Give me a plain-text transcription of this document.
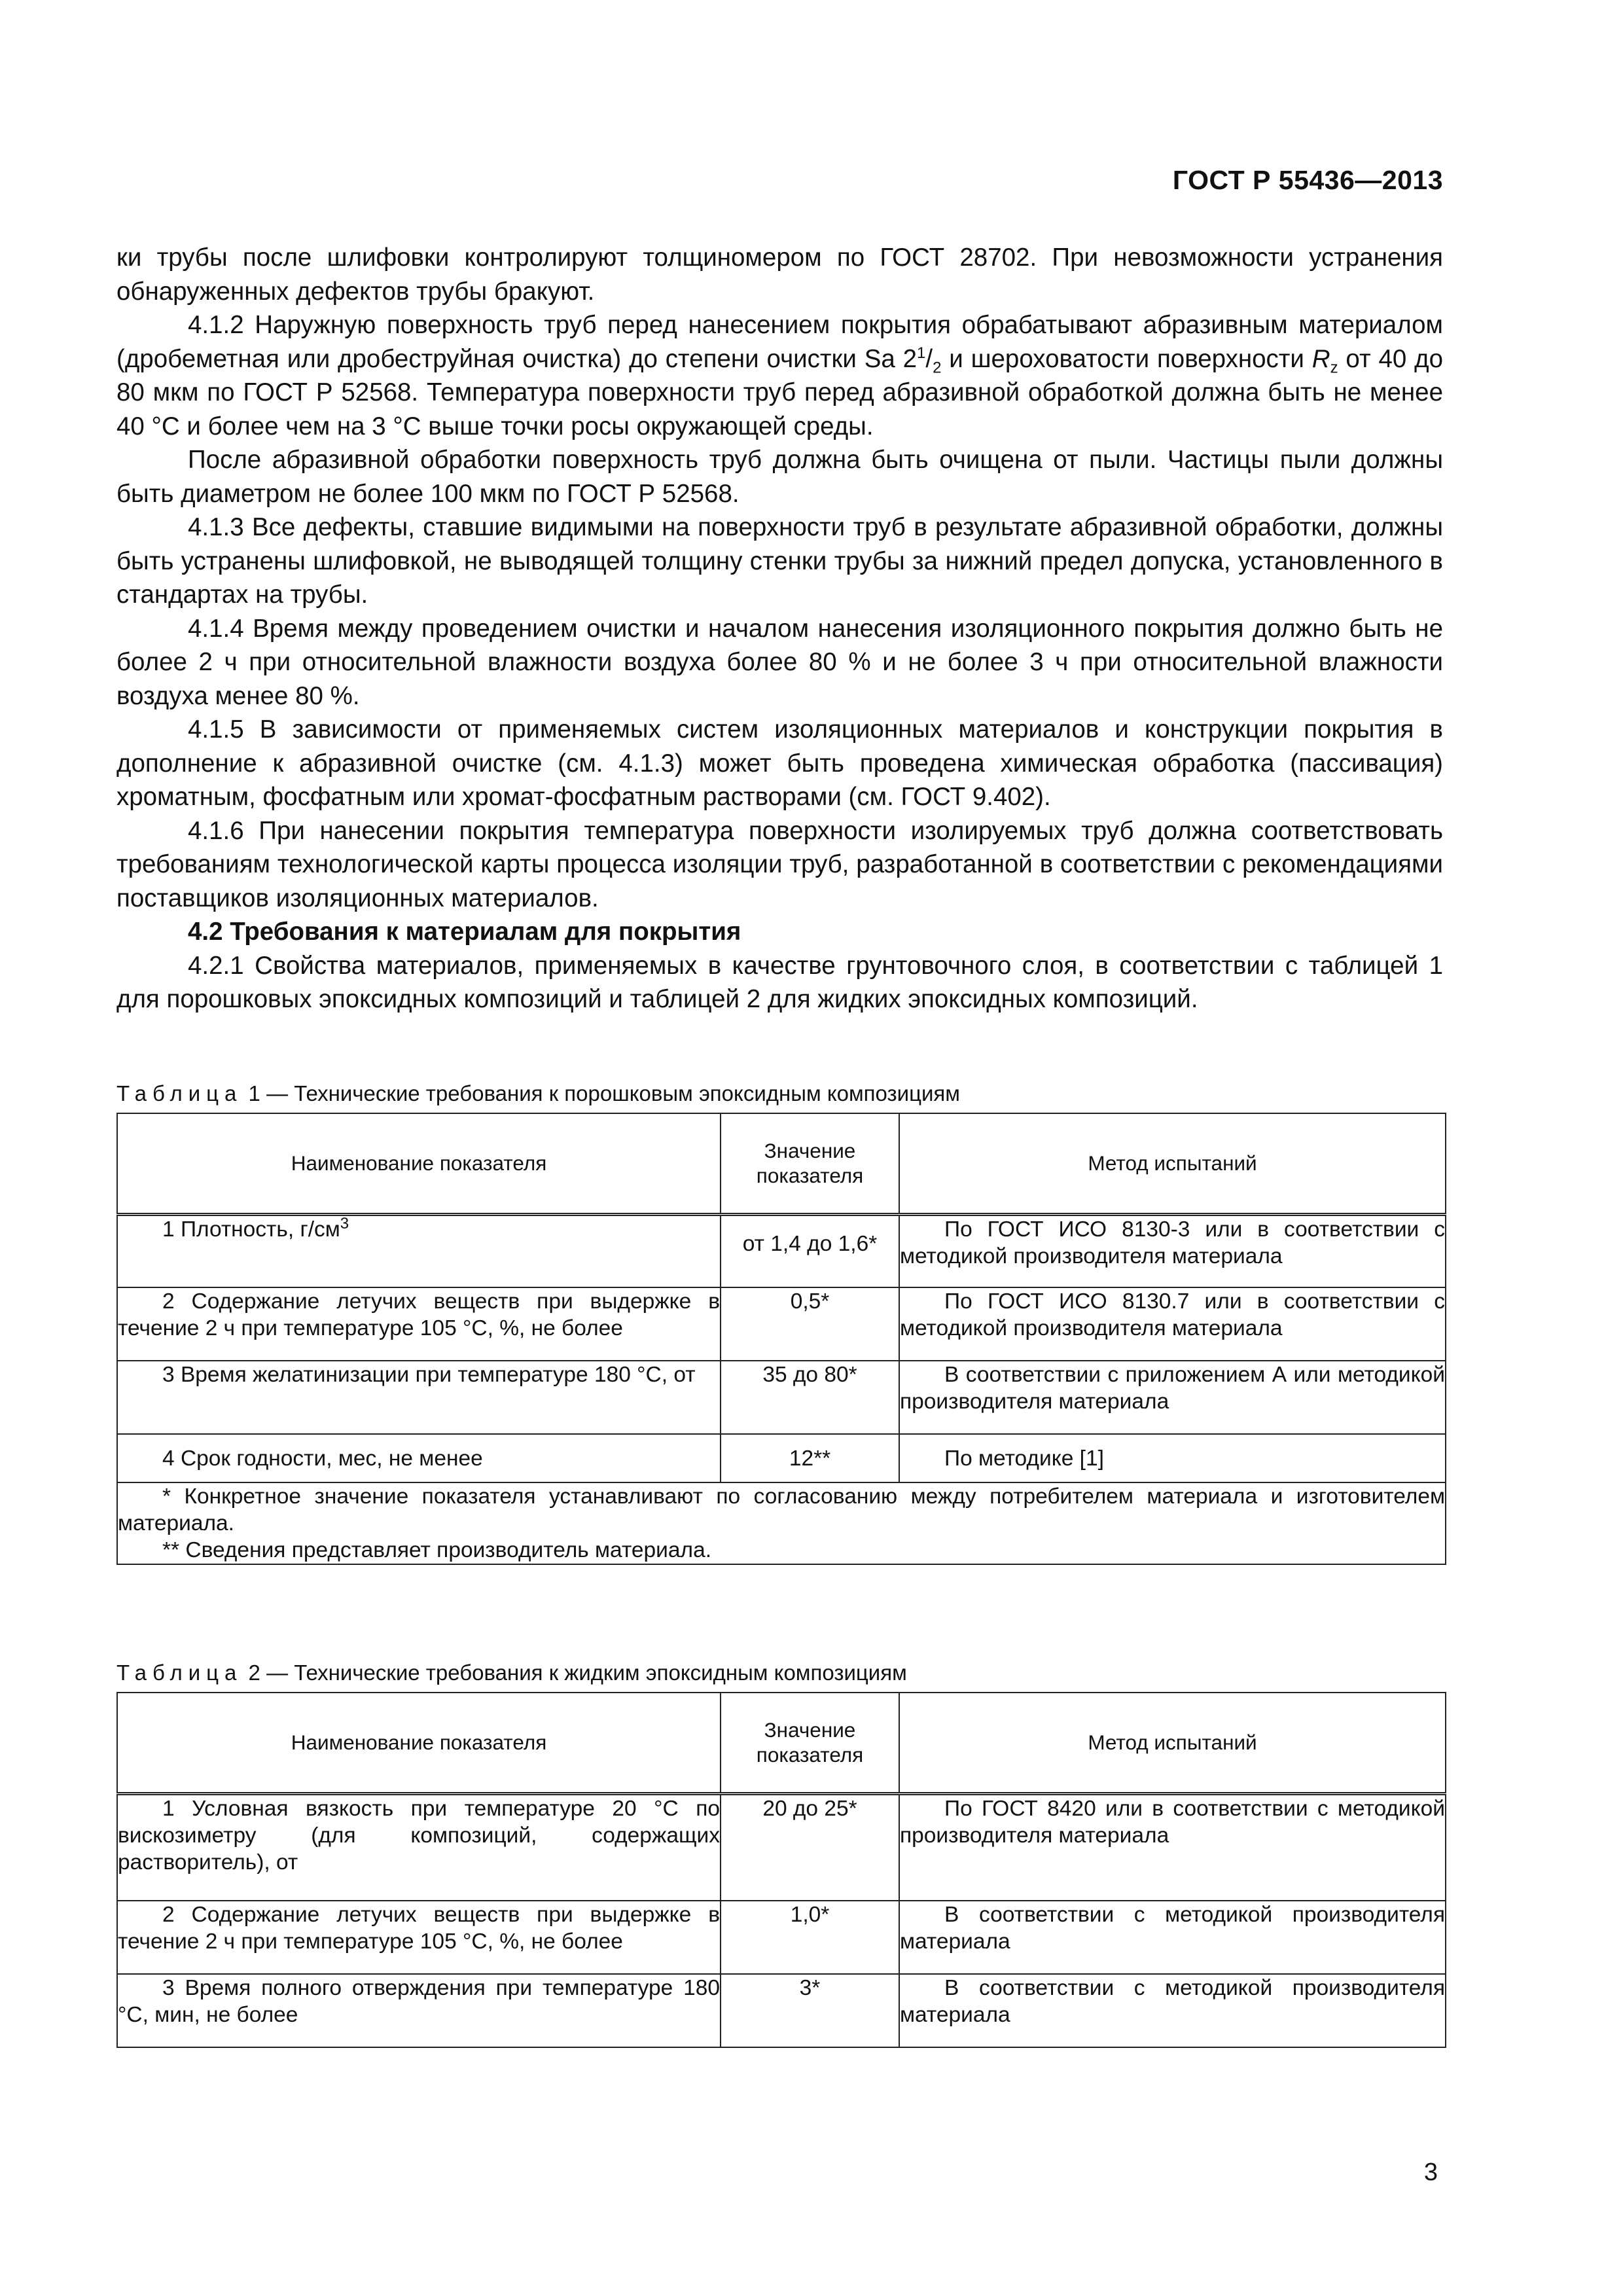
ГОСТ Р 55436—2013

ки трубы после шлифовки контролируют толщиномером по ГОСТ 28702. При невозможности устранения обнаруженных дефектов трубы бракуют.

4.1.2 Наружную поверхность труб перед нанесением покрытия обрабатывают абразивным материалом (дробеметная или дробеструйная очистка) до степени очистки Sa $2^1/_2$ и шероховатости поверхности $R_z$ от 40 до 80 мкм по ГОСТ Р 52568. Температура поверхности труб перед абразивной обработкой должна быть не менее 40 °С и более чем на 3 °С выше точки росы окружающей среды.

После абразивной обработки поверхность труб должна быть очищена от пыли. Частицы пыли должны быть диаметром не более 100 мкм по ГОСТ Р 52568.

4.1.3 Все дефекты, ставшие видимыми на поверхности труб в результате абразивной обработки, должны быть устранены шлифовкой, не выводящей толщину стенки трубы за нижний предел допуска, установленного в стандартах на трубы.

4.1.4 Время между проведением очистки и началом нанесения изоляционного покрытия должно быть не более 2 ч при относительной влажности воздуха более 80 % и не более 3 ч при относительной влажности воздуха менее 80 %.

4.1.5 В зависимости от применяемых систем изоляционных материалов и конструкции покрытия в дополнение к абразивной очистке (см. 4.1.3) может быть проведена химическая обработка (пассивация) хроматным, фосфатным или хромат-фосфатным растворами (см. ГОСТ 9.402).

4.1.6 При нанесении покрытия температура поверхности изолируемых труб должна соответствовать требованиям технологической карты процесса изоляции труб, разработанной в соответствии с рекомендациями поставщиков изоляционных материалов.

4.2 Требования к материалам для покрытия

4.2.1 Свойства материалов, применяемых в качестве грунтовочного слоя, в соответствии с таблицей 1 для порошковых эпоксидных композиций и таблицей 2 для жидких эпоксидных композиций.

Таблица 1 — Технические требования к порошковым эпоксидным композициям
Наименование показателя	Значение показателя	Метод испытаний

1 Плотность, $г/см^3$	от 1,4 до 1,6*	По ГОСТ ИСО 8130-3 или в соответствии с методикой производителя материала

2 Содержание летучих веществ при выдержке в течение 2 ч при температуре 105 °С, %, не более	0,5*	По ГОСТ ИСО 8130.7 или в соответствии с методикой производителя материала

3 Время желатинизации при температуре 180 °С, от	35 до 80*	В соответствии с приложением А или методикой производителя материала

4 Срок годности, мес, не менее	12**	По методике [1]

* Конкретное значение показателя устанавливают по согласованию между потребителем материала и изготовителем материала.

** Сведения представляет производитель материала.		

Таблица 2 — Технические требования к жидким эпоксидным композициям
Наименование показателя	Значение показателя	Метод испытаний

1 Условная вязкость при температуре 20 °С по вискозиметру (для композиций, содержащих растворитель), от	20 до 25*	По ГОСТ 8420 или в соответствии с методикой производителя материала

2 Содержание летучих веществ при выдержке в течение 2 ч при температуре 105 °С, %, не более	1,0*	В соответствии с методикой производителя материала

3 Время полного отверждения при температуре 180 °С, мин, не более	3*	В соответствии с методикой производителя материала
3
